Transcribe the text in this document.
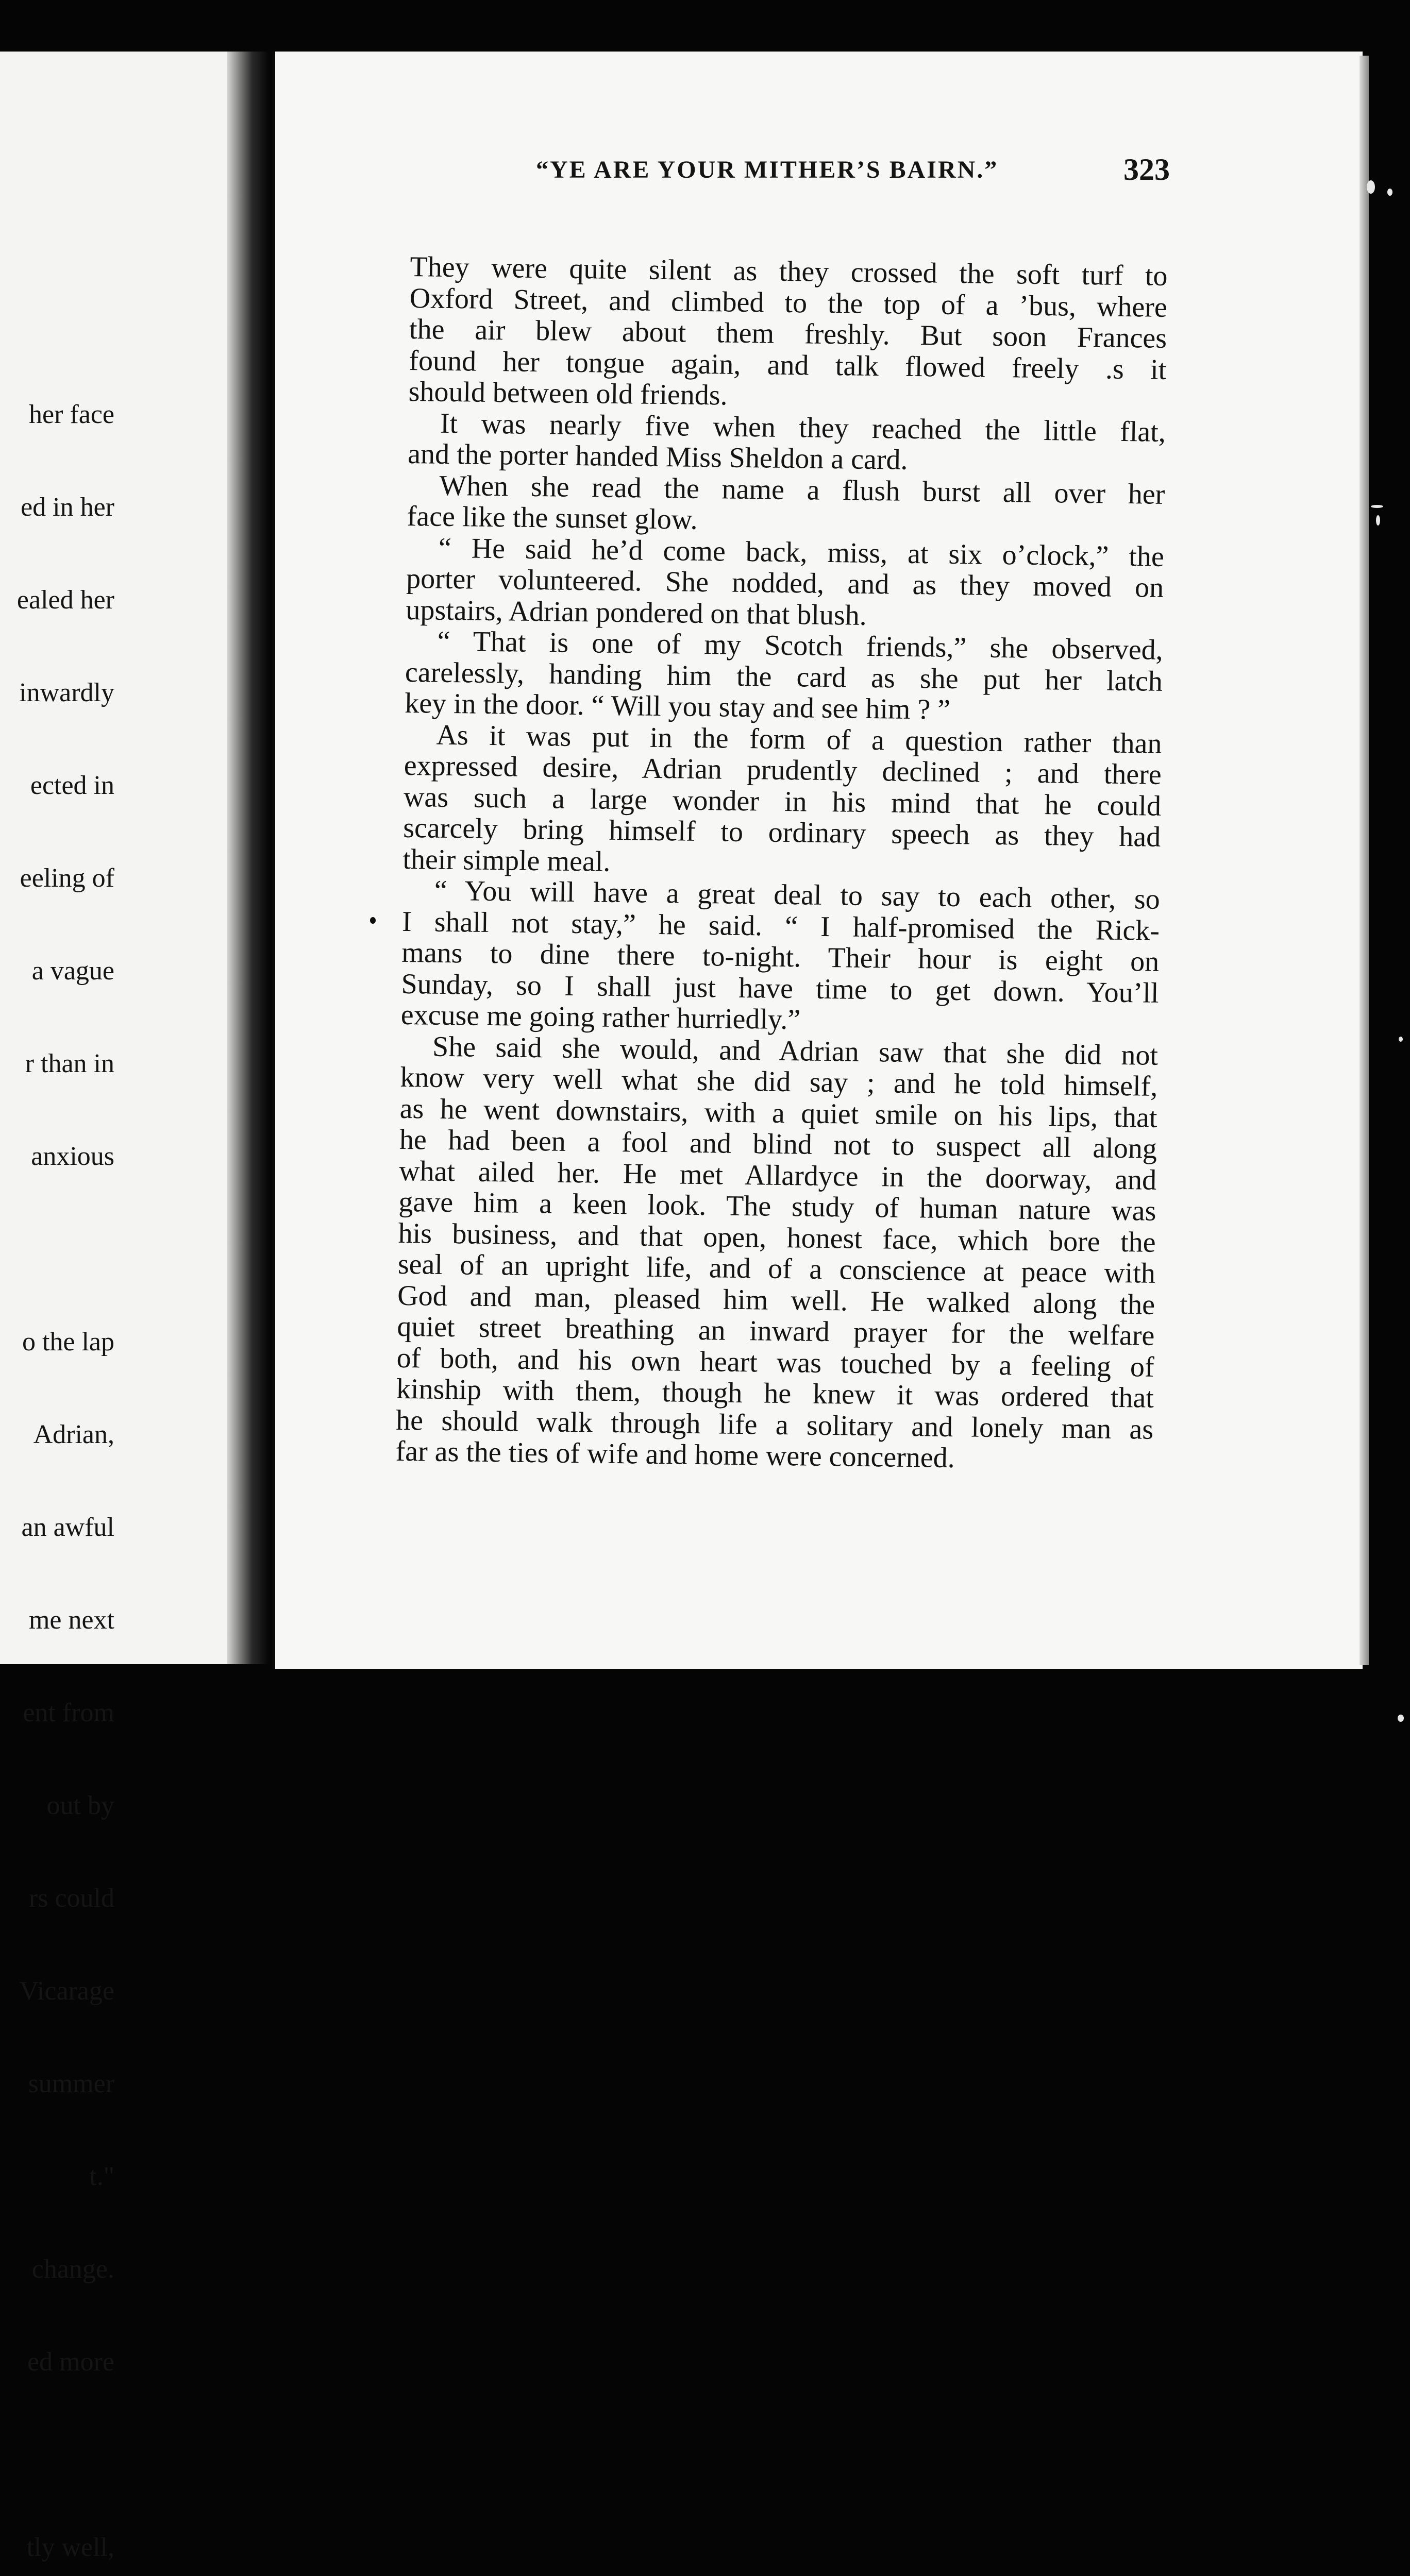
her face

ed in her

ealed her

inwardly

ected in

eeling of

a vague

r than in

anxious

o the lap

Adrian,

an awful

me next

ent from

out by

rs could

Vicarage

summer

t."

change.

ed more

tly well,

“YE ARE YOUR MITHER’S BAIRN.”	323
They were quite silent as they crossed the soft turf to
Oxford Street, and climbed to the top of a ’bus, where
the air blew about them freshly. But soon Frances
found her tongue again, and talk flowed freely .s it
should between old friends.
It was nearly five when they reached the little flat,
and the porter handed Miss Sheldon a card.
When she read the name a flush burst all over her
face like the sunset glow.
“ He said he’d come back, miss, at six o’clock,” the
porter volunteered. She nodded, and as they moved on
upstairs, Adrian pondered on that blush.
“ That is one of my Scotch friends,” she observed,
carelessly, handing him the card as she put her latch
key in the door. “ Will you stay and see him ? ”
As it was put in the form of a question rather than
expressed desire, Adrian prudently declined ; and there
was such a large wonder in his mind that he could
scarcely bring himself to ordinary speech as they had
their simple meal.
“ You will have a great deal to say to each other, so
I shall not stay,” he said. “ I half-promised the Rick-
mans to dine there to-night. Their hour is eight on
Sunday, so I shall just have time to get down. You’ll
excuse me going rather hurriedly.”
She said she would, and Adrian saw that she did not
know very well what she did say ; and he told himself,
as he went downstairs, with a quiet smile on his lips, that
he had been a fool and blind not to suspect all along
what ailed her. He met Allardyce in the doorway, and
gave him a keen look. The study of human nature was
his business, and that open, honest face, which bore the
seal of an upright life, and of a conscience at peace with
God and man, pleased him well. He walked along the
quiet street breathing an inward prayer for the welfare
of both, and his own heart was touched by a feeling of
kinship with them, though he knew it was ordered that
he should walk through life a solitary and lonely man as
far as the ties of wife and home were concerned.
